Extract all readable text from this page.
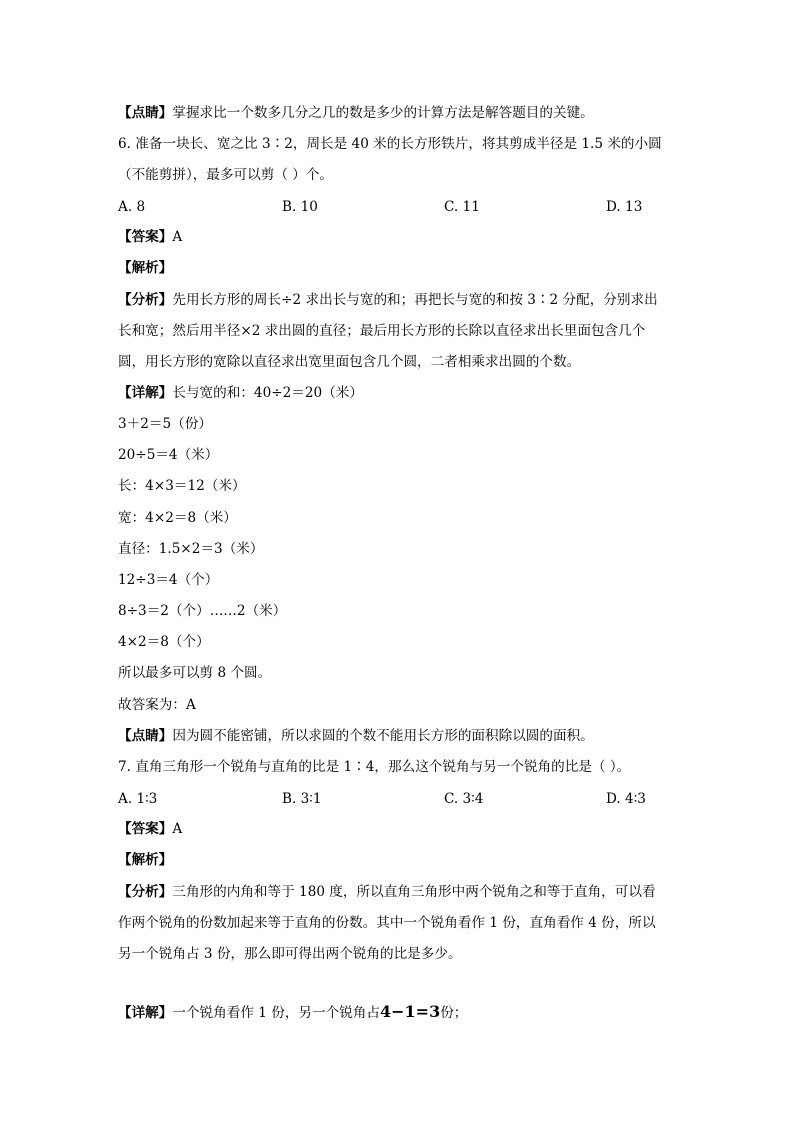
【点睛】掌握求比一个数多几分之几的数是多少的计算方法是解答题目的关键。
6. 准备一块长、宽之比 3∶2，周长是 40 米的长方形铁片，将其剪成半径是 1.5 米的小圆
（不能剪拼），最多可以剪（ ）个。
A. 8	B. 10	C. 11	D. 13
【答案】A
【解析】
【分析】先用长方形的周长÷2 求出长与宽的和；再把长与宽的和按 3∶2 分配，分别求出
长和宽；然后用半径×2 求出圆的直径；最后用长方形的长除以直径求出长里面包含几个
圆，用长方形的宽除以直径求出宽里面包含几个圆，二者相乘求出圆的个数。
【详解】长与宽的和：40÷2＝20（米）
3＋2＝5（份）
20÷5＝4（米）
长：4×3＝12（米）
宽：4×2＝8（米）
直径：1.5×2＝3（米）
12÷3＝4（个）
8÷3＝2（个）……2（米）
4×2＝8（个）
所以最多可以剪 8 个圆。
故答案为：A
【点睛】因为圆不能密铺，所以求圆的个数不能用长方形的面积除以圆的面积。
7. 直角三角形一个锐角与直角的比是 1∶4，那么这个锐角与另一个锐角的比是（ ）。
A. 1∶3	B. 3∶1	C. 3∶4	D. 4∶3
【答案】A
【解析】
【分析】三角形的内角和等于 180 度，所以直角三角形中两个锐角之和等于直角，可以看
作两个锐角的份数加起来等于直角的份数。其中一个锐角看作 1 份，直角看作 4 份，所以
另一个锐角占 3 份，那么即可得出两个锐角的比是多少。
【详解】一个锐角看作 1 份，另一个锐角占4−1=3份；
